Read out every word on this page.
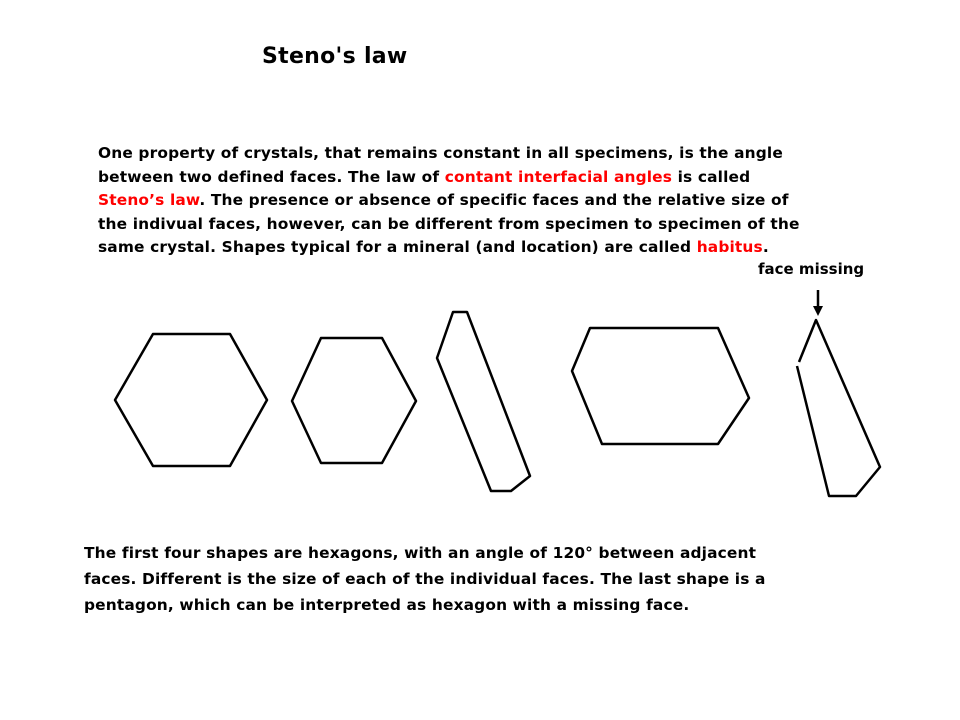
Steno's law
One property of crystals, that remains constant in all specimens, is the angle
between two defined faces. The law of contant interfacial angles is called
Steno’s law. The presence or absence of specific faces and the relative size of
the indivual faces, however, can be different from specimen to specimen of the
same crystal. Shapes typical for a mineral (and location) are called habitus.
face missing
The first four shapes are hexagons, with an angle of 120° between adjacent
faces. Different is the size of each of the individual faces. The last shape is a
pentagon, which can be interpreted as hexagon with a missing face.
